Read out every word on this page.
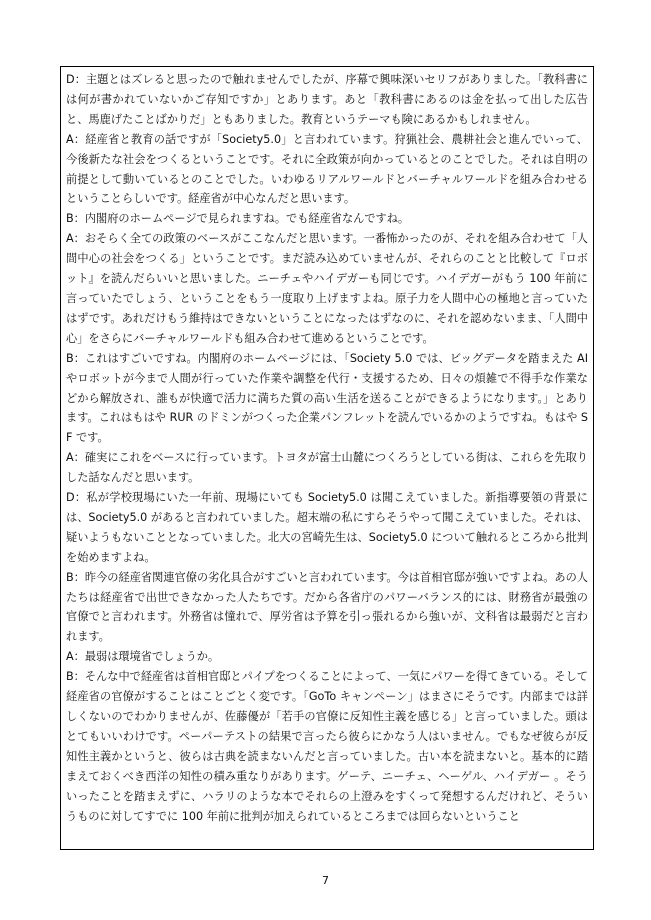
D：主題とはズレると思ったので触れませんでしたが、序幕で興味深いセリフがありました。「教科書には何が書かれていないかご存知ですか」とあります。あと「教科書にあるのは金を払って出した広告と、馬鹿げたことばかりだ」ともありました。教育というテーマも険にあるかもしれません。

A：経産省と教育の話ですが「Society5.0」と言われています。狩猟社会、農耕社会と進んでいって、今後新たな社会をつくるということです。それに全政策が向かっているとのことでした。それは自明の前提として動いているとのことでした。いわゆるリアルワールドとバーチャルワールドを組み合わせるということらしいです。経産省が中心なんだと思います。

B：内閣府のホームページで見られますね。でも経産省なんですね。

A：おそらく全ての政策のベースがここなんだと思います。一番怖かったのが、それを組み合わせて「人間中心の社会をつくる」ということです。まだ読み込めていませんが、それらのことと比較して『ロボット』を読んだらいいと思いました。ニーチェやハイデガーも同じです。ハイデガーがもう 100 年前に言っていたでしょう、ということをもう一度取り上げますよね。原子力を人間中心の極地と言っていたはずです。あれだけもう維持はできないということになったはずなのに、それを認めないまま、「人間中心」をさらにバーチャルワールドも組み合わせて進めるということです。

B：これはすごいですね。内閣府のホームページには、「Society 5.0 では、ビッグデータを踏まえた AI やロボットが今まで人間が行っていた作業や調整を代行・支援するため、日々の煩雑で不得手な作業などから解放され、誰もが快適で活力に満ちた質の高い生活を送ることができるようになります。」とあります。これはもはや RUR のドミンがつくった企業パンフレットを読んでいるかのようですね。もはや SF です。

A：確実にこれをベースに行っています。トヨタが富士山麓につくろうとしている街は、これらを先取りした話なんだと思います。

D：私が学校現場にいた一年前、現場にいても Society5.0 は聞こえていました。新指導要領の背景には、Society5.0 があると言われていました。超末端の私にすらそうやって聞こえていました。それは、疑いようもないこととなっていました。北大の宮崎先生は、Society5.0 について触れるところから批判を始めますよね。

B：昨今の経産省関連官僚の劣化具合がすごいと言われています。今は首相官邸が強いですよね。あの人たちは経産省で出世できなかった人たちです。だから各省庁のパワーバランス的には、財務省が最強の官僚でと言われます。外務省は憧れで、厚労省は予算を引っ張れるから強いが、文科省は最弱だと言われます。

A：最弱は環境省でしょうか。

B：そんな中で経産省は首相官邸とパイプをつくることによって、一気にパワーを得てきている。そして経産省の官僚がすることはことごとく変です。「GoTo キャンペーン」はまさにそうです。内部までは詳しくないのでわかりませんが、佐藤優が「若手の官僚に反知性主義を感じる」と言っていました。頭はとてもいいわけです。ペーパーテストの結果で言ったら彼らにかなう人はいません。でもなぜ彼らが反知性主義かというと、彼らは古典を読まないんだと言っていました。古い本を読まないと。基本的に踏まえておくべき西洋の知性の積み重なりがあります。ゲーテ、ニーチェ、ヘーゲル、ハイデガー 。そういったことを踏まえずに、ハラリのような本でそれらの上澄みをすくって発想するんだけれど、そういうものに対してすでに 100 年前に批判が加えられているところまでは回らないということ

7
